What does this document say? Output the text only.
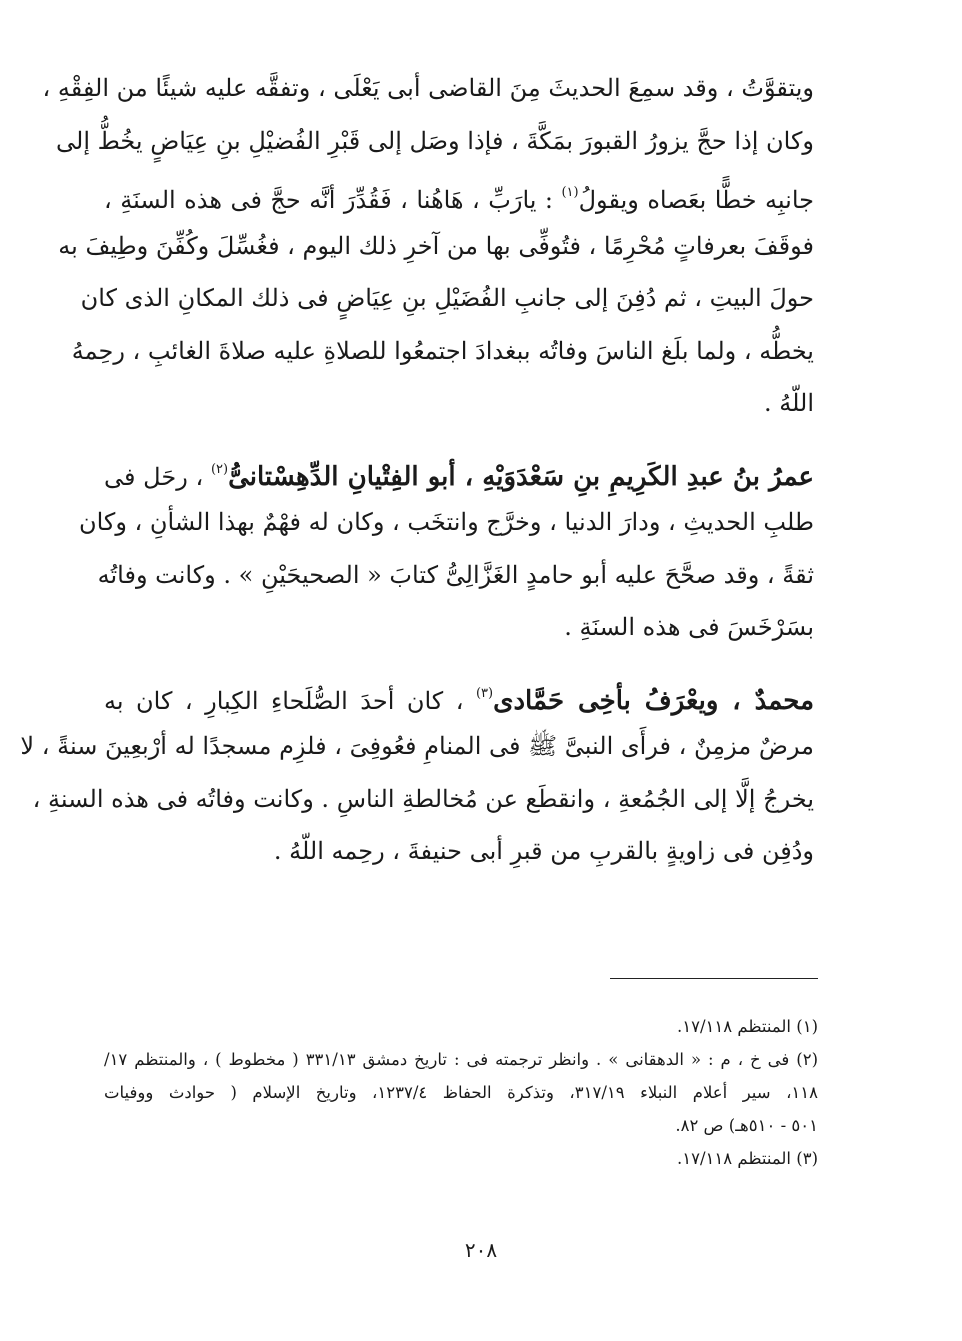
ويتقوَّتُ ، وقد سمِعَ الحديثَ مِنَ القاضى أبى يَعْلَى ، وتفقَّه عليه شيئًا من الفِقْهِ ،
وكان إذا حجَّ يزورُ القبورَ بمَكَّةَ ، فإذا وصَل إلى قَبْرِ الفُضيْلِ بنِ عِيَاضٍ يخُطُّ إلى
جانبِه خطًّا بعَصاه ويقولُ$^{(١)}$ : يارَبِّ ، هَاهُنا ، فَقُدِّرَ أنَّه حجَّ فى هذه السنَةِ ،
فوقَفَ بعرفاتٍ مُحْرِمًا ، فتُوفِّى بها من آخرِ ذلك اليوم ، فغُسِّلَ وكُفِّنَ وطِيفَ به
حولَ البيتِ ، ثم دُفِنَ إلى جانبِ الفُضَيْلِ بنِ عِيَاضٍ فى ذلك المكانِ الذى كان
يخطُّه ، ولما بلَغ الناسَ وفاتُه ببغدادَ اجتمعُوا للصلاةِ عليه صلاةَ الغائبِ ، رحِمهُ
اللّهُ .
عمرُ بنُ عبدِ الكَرِيمِ بنِ سَعْدَوَيْهِ ، أبو الفِتْيانِ الدِّهِسْتانىُّ$^{(٢)}$ ، رحَل فى
طلبِ الحديثِ ، ودارَ الدنيا ، وخرَّج وانتخَب ، وكان له فهْمٌ بهذا الشأنِ ، وكان
ثقةً ، وقد صحَّحَ عليه أبو حامدٍ الغَزَّالِىُّ كتابَ « الصحيحَيْنِ » . وكانت وفاتُه
بسَرْخَسَ فى هذه السنَةِ .
محمدٌ ، ويعْرَفُ بأخِى حَمَّادى$^{(٣)}$ ، كان أحدَ الصُّلَحاءِ الكِبارِ ، كان به
مرضٌ مزمِنٌ ، فرأَى النبىَّ ﷺ فى المنامِ فعُوفِىَ ، فلزِم مسجدًا له أرْبعِينَ سنةً ، لا
يخرجُ إلَّا إلى الجُمُعةِ ، وانقطَع عن مُخالطةِ الناسِ . وكانت وفاتُه فى هذه السنةِ ،
ودُفِن فى زاويةٍ بالقربِ من قبرِ أبى حنيفةَ ، رحِمه اللّهُ .
(١) المنتظم ١٧/١١٨.
(٢) فى خ ، م : « الدهقانى » . وانظر ترجمته فى : تاريخ دمشق ٣٣١/١٣ ( مخطوط ) ، والمنتظم ١٧/
١١٨، سير أعلام النبلاء ٣١٧/١٩، وتذكرة الحفاظ ١٢٣٧/٤، وتاريخ الإسلام ( حوادث ووفيات
٥٠١ - ٥١٠هـ) ص ٨٢.
(٣) المنتظم ١٧/١١٨.
٢٠٨
